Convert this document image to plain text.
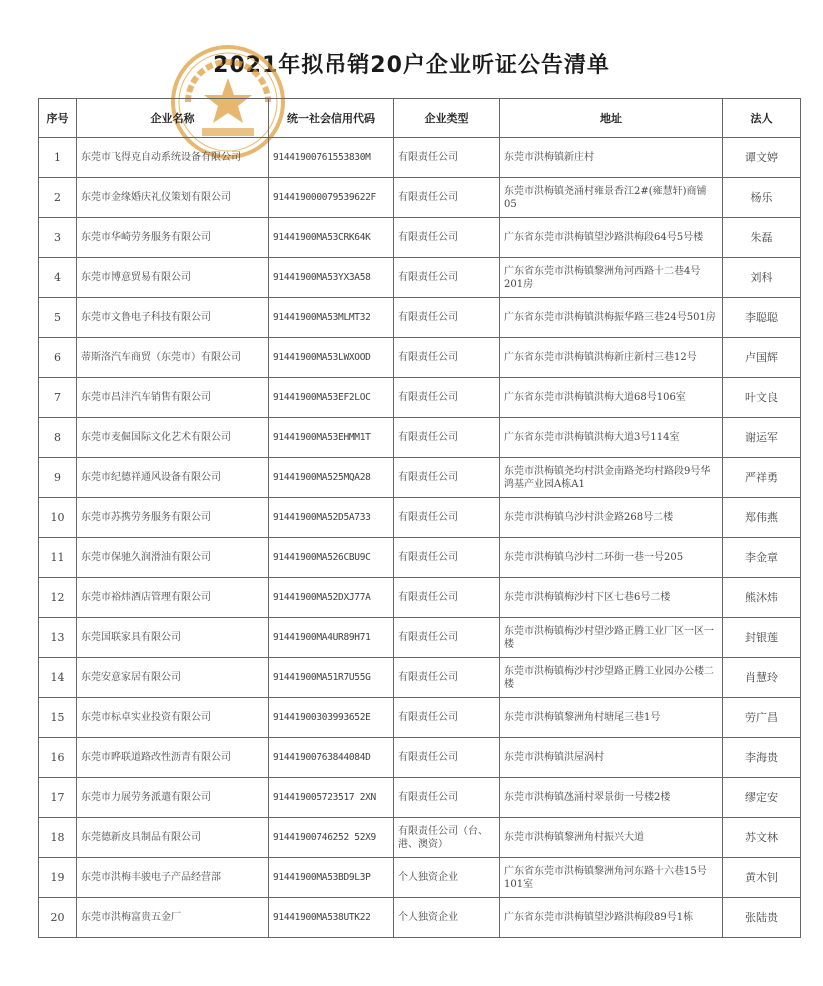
2021年拟吊销20户企业听证公告清单
序号	企业名称	统一社会信用代码	企业类型	地址	法人
1	东莞市飞得克自动系统设备有限公司	91441900761553830M	有限责任公司	东莞市洪梅镇新庄村	谭文婷
2	东莞市金缘婚庆礼仪策划有限公司	914419000079539622F	有限责任公司	东莞市洪梅镇尧涌村雍景香江2#(雍慧轩)商铺05	杨乐
3	东莞市华崎劳务服务有限公司	91441900MA53CRK64K	有限责任公司	广东省东莞市洪梅镇望沙路洪梅段64号5号楼	朱磊
4	东莞市博意贸易有限公司	91441900MA53YX3A58	有限责任公司	广东省东莞市洪梅镇黎洲角河西路十二巷4号201房	刘科
5	东莞市文鲁电子科技有限公司	91441900MA53MLMT32	有限责任公司	广东省东莞市洪梅镇洪梅振华路三巷24号501房	李聪聪
6	蒂斯洛汽车商贸（东莞市）有限公司	91441900MA53LWXOOD	有限责任公司	广东省东莞市洪梅镇洪梅新庄新村三巷12号	卢国辉
7	东莞市昌沣汽车销售有限公司	91441900MA53EF2LOC	有限责任公司	广东省东莞市洪梅镇洪梅大道68号106室	叶文良
8	东莞市麦倔国际文化艺术有限公司	91441900MA53EHMM1T	有限责任公司	广东省东莞市洪梅镇洪梅大道3号114室	谢运军
9	东莞市纪德祥通风设备有限公司	91441900MA525MQA28	有限责任公司	东莞市洪梅镇尧均村洪金南路尧均村路段9号华鸿基产业园A栋A1	严祥勇
10	东莞市苏携劳务服务有限公司	91441900MA52D5A733	有限责任公司	东莞市洪梅镇乌沙村洪金路268号二楼	郑伟燕
11	东莞市保驰久润滑油有限公司	91441900MA526CBU9C	有限责任公司	东莞市洪梅镇乌沙村二环街一巷一号205	李金章
12	东莞市裕炜酒店管理有限公司	91441900MA52DXJ77A	有限责任公司	东莞市洪梅镇梅沙村下区七巷6号二楼	熊沐炜
13	东莞国联家具有限公司	91441900MA4UR89H71	有限责任公司	东莞市洪梅镇梅沙村望沙路正腾工业厂区一区一楼	封银莲
14	东莞安意家居有限公司	91441900MA51R7U55G	有限责任公司	东莞市洪梅镇梅沙村沙望路正腾工业园办公楼二楼	肖慧玲
15	东莞市标卓实业投资有限公司	91441900303993652E	有限责任公司	东莞市洪梅镇黎洲角村塘尾三巷1号	劳广昌
16	东莞市晔联道路改性沥青有限公司	91441900763844084D	有限责任公司	东莞市洪梅镇洪屋涡村	李海贵
17	东莞市力展劳务派遣有限公司	914419005723517 2XN	有限责任公司	东莞市洪梅镇氹涌村翠景街一号楼2楼	缪定安
18	东莞德新皮具制品有限公司	91441900746252 52X9	有限责任公司（台、港、澳资）	东莞市洪梅镇黎洲角村振兴大道	苏文林
19	东莞市洪梅丰骏电子产品经营部	91441900MA53BD9L3P	个人独资企业	广东省东莞市洪梅镇黎洲角河东路十六巷15号101室	黄木钊
20	东莞市洪梅富贵五金厂	91441900MA538UTK22	个人独资企业	广东省东莞市洪梅镇望沙路洪梅段89号1栋	张陆贵
